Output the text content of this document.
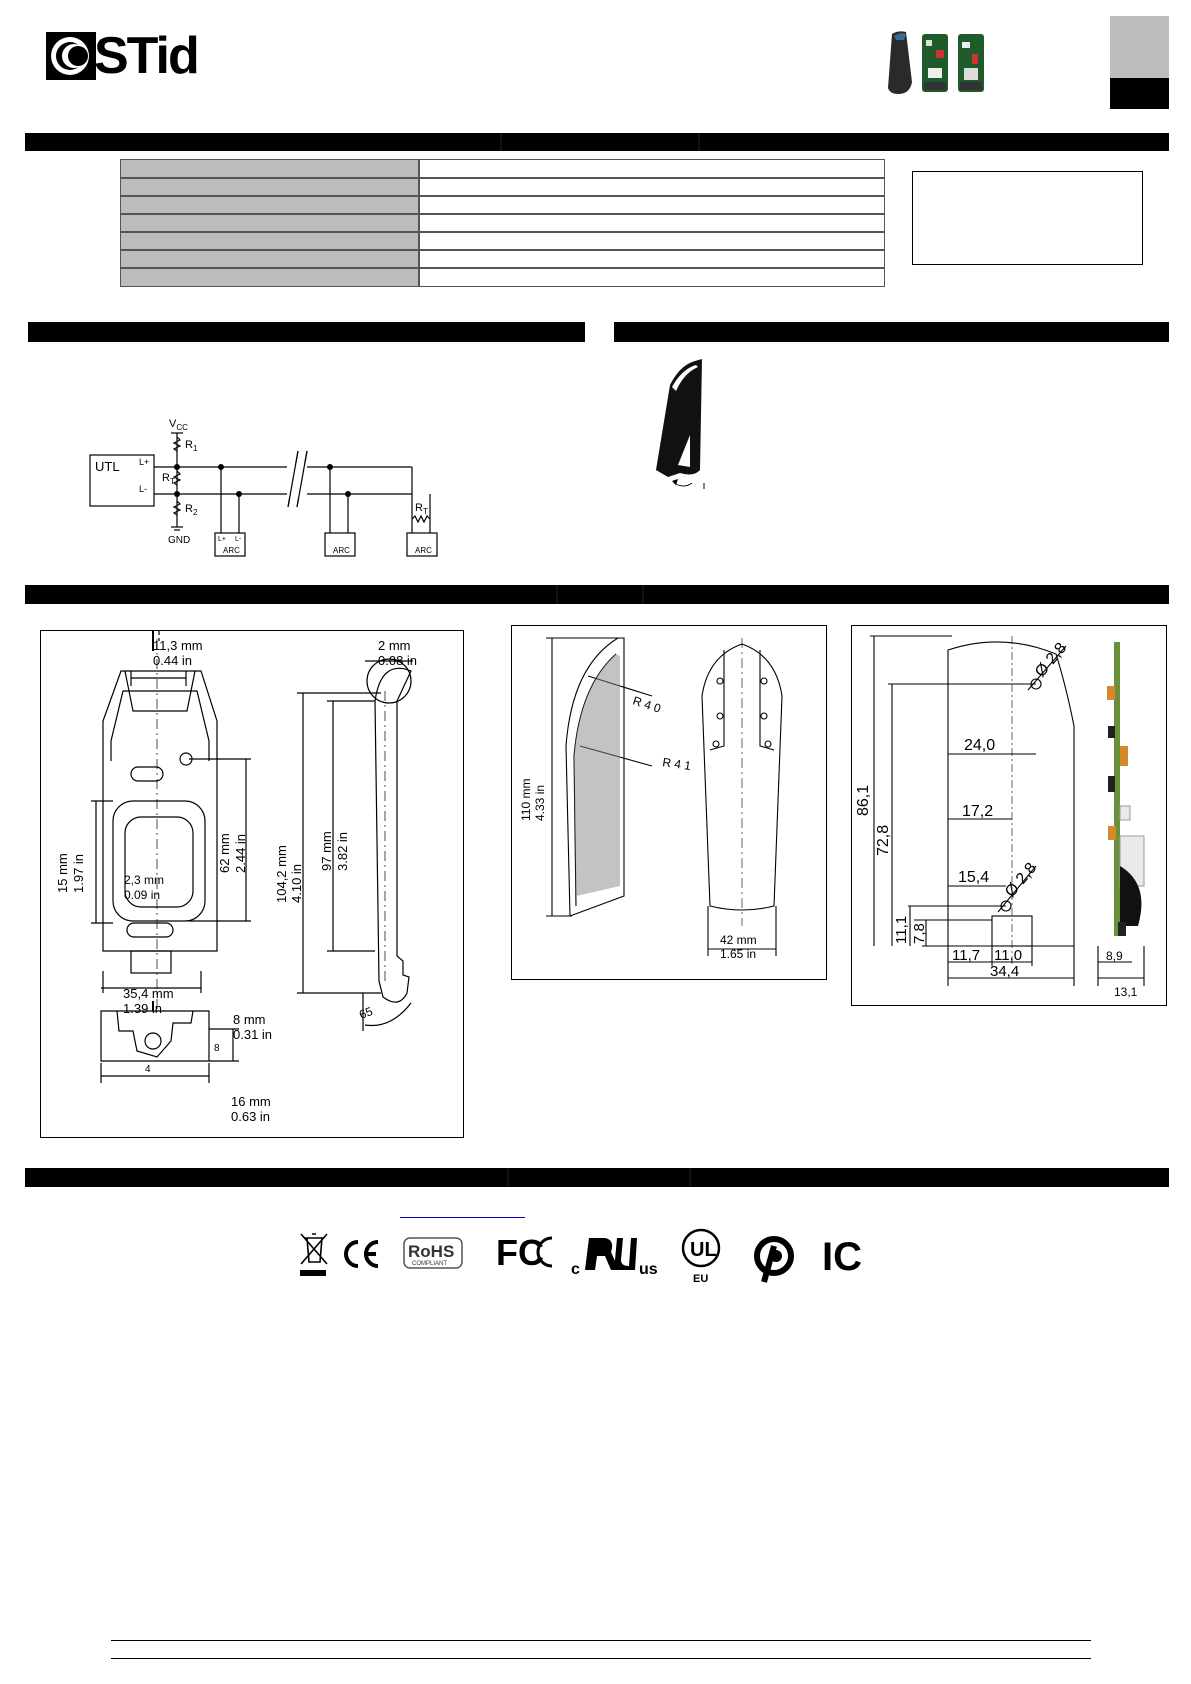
STid
$V_{CC}$
$R_1$
$R_T$
$R_2$
GND
UTL L+
L-
L+ L-
ARC	ARC	ARC
$R_T$
11,3 mm
0.44 in
2 mm
0.08 in
15 mm 1.97 in	2,3 mm
0.09 in
62 mm 2.44 in 104,2 mm 4.10 in
97 mm 3.82 in
35,4 mm
1.39 in
8 mm
0.31 in
16 mm
0.63 in
65
8
4
110 mm 4.33 in
R 4 0
R 4 1
42 mm
1.65 in
Ø 2,8
Ø 2,8
86,1
72,8
24,0
17,2
15,4
11,1 7,8
11,7 11,0
34,4
8,9
13,1
RoHS
COMPLIANT FC c	us
UL
EU	IC
